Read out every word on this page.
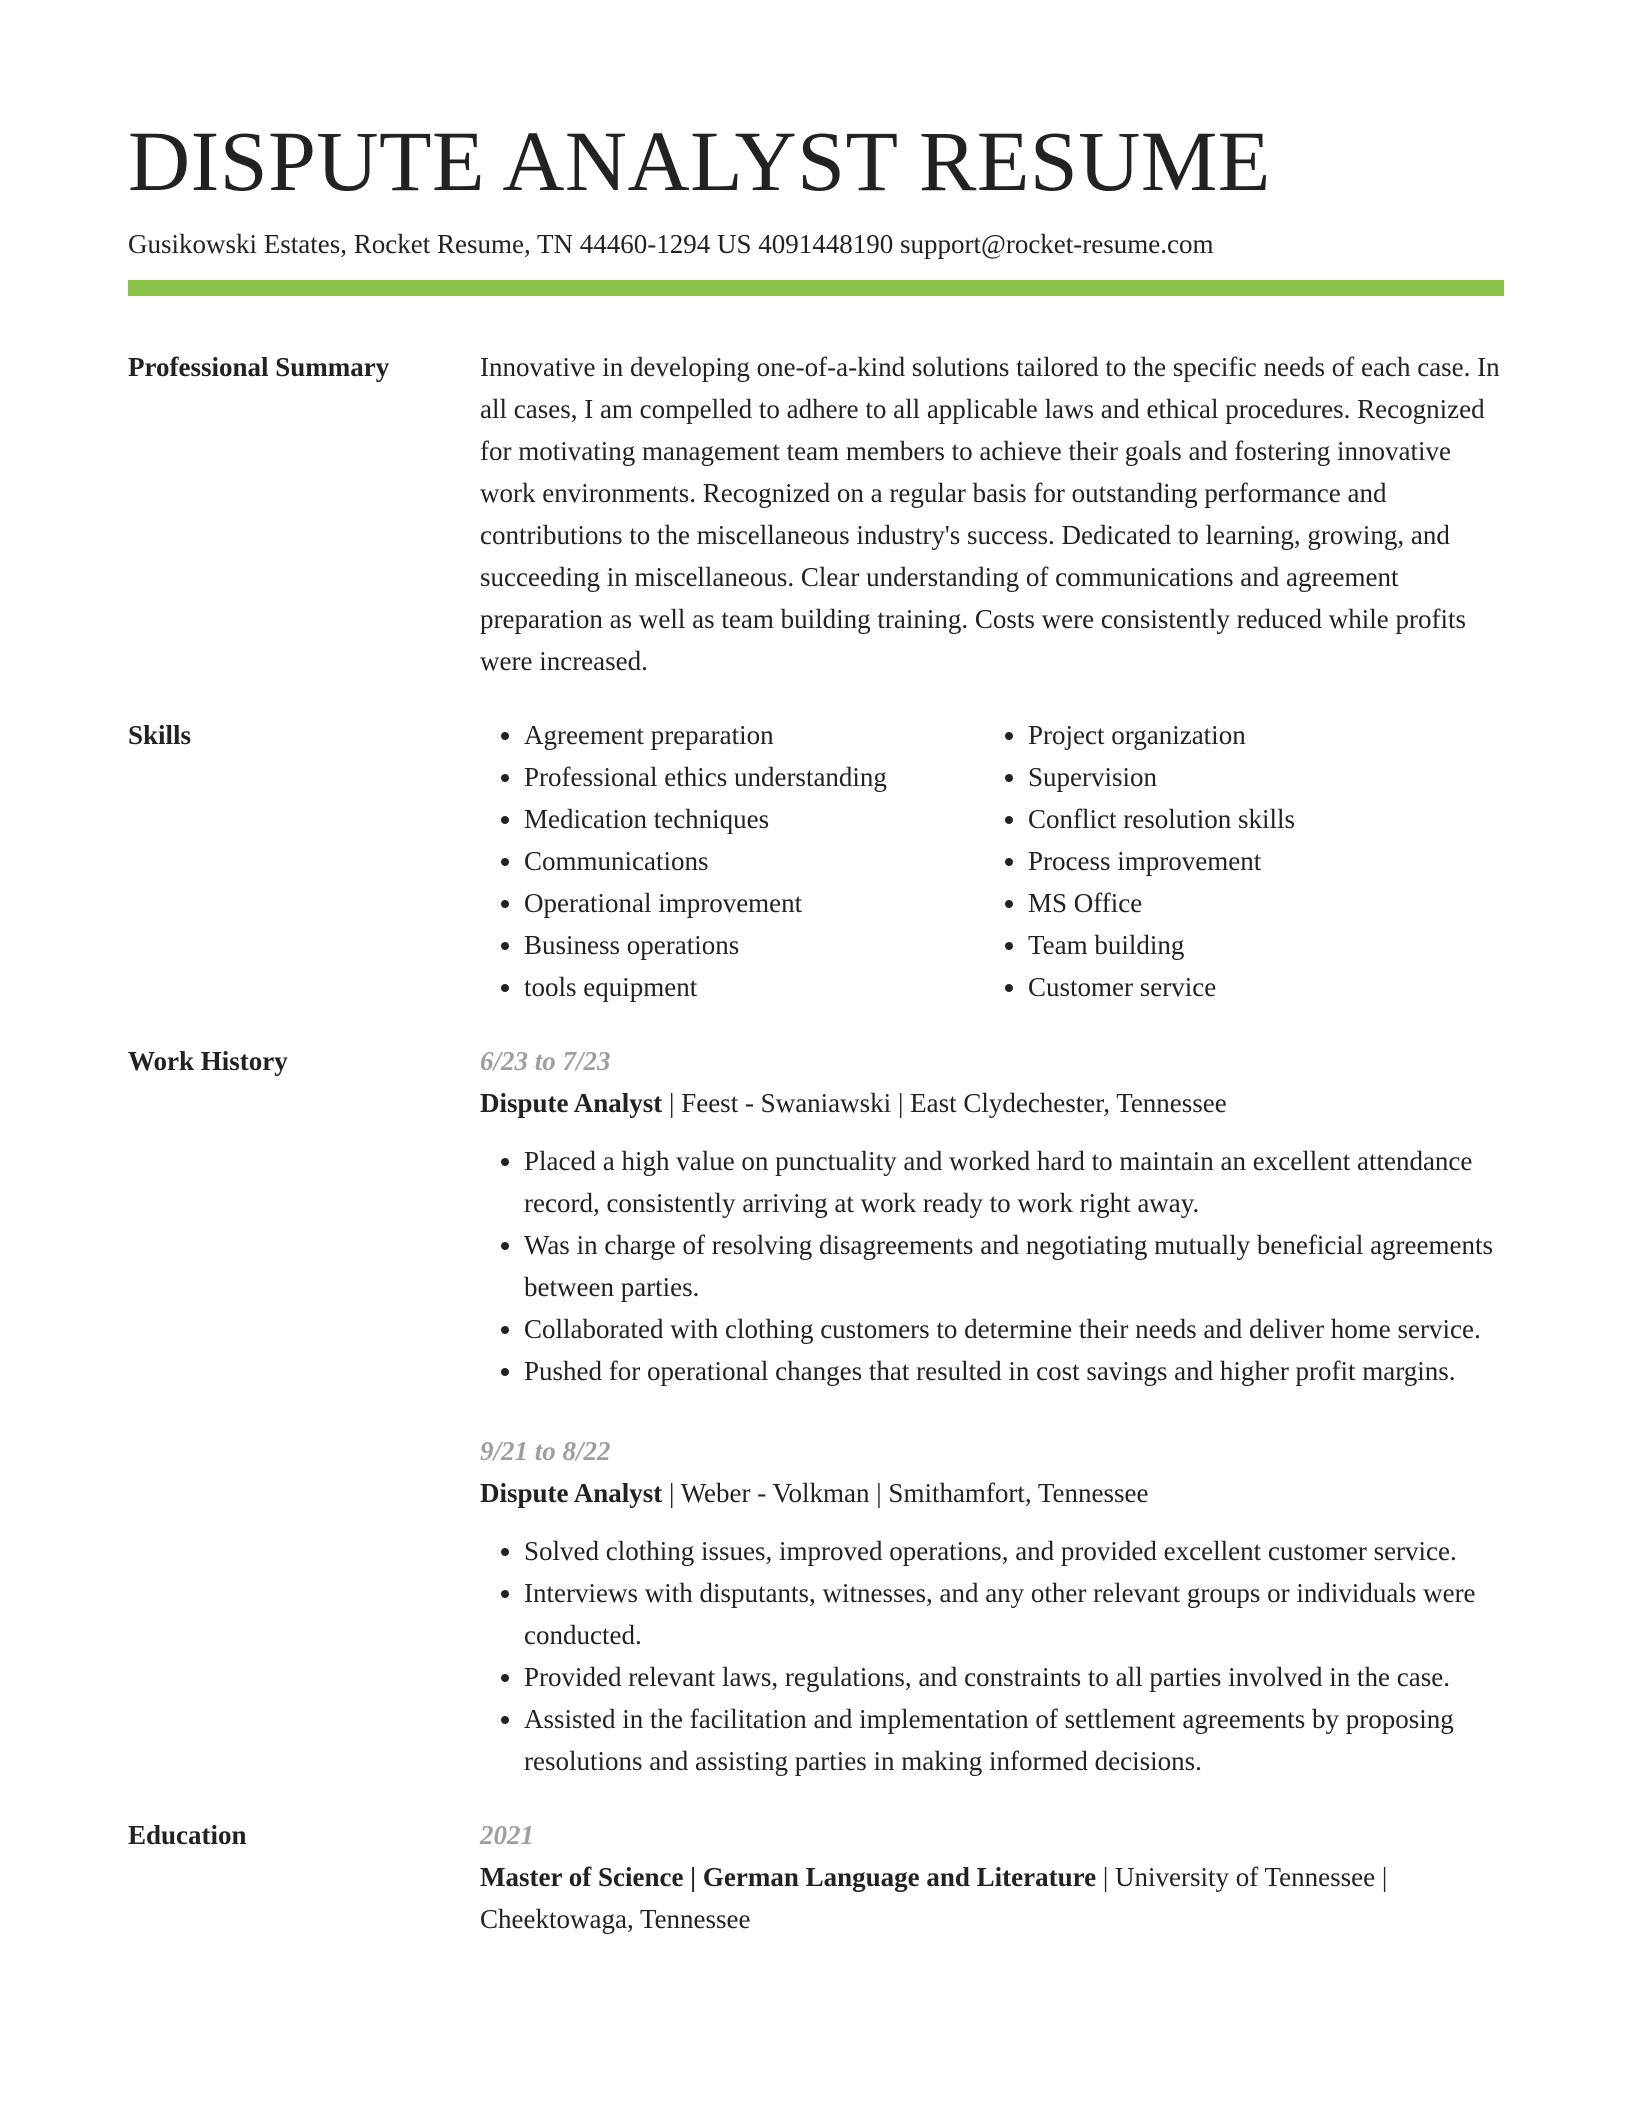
DISPUTE ANALYST RESUME
Gusikowski Estates, Rocket Resume, TN 44460-1294 US 4091448190 support@rocket-resume.com
Professional Summary	Innovative in developing one-of-a-kind solutions tailored to the specific needs of each case. In all cases, I am compelled to adhere to all applicable laws and ethical procedures. Recognized for motivating management team members to achieve their goals and fostering innovative work environments. Recognized on a regular basis for outstanding performance and contributions to the miscellaneous industry's success. Dedicated to learning, growing, and succeeding in miscellaneous. Clear understanding of communications and agreement preparation as well as team building training. Costs were consistently reduced while profits were increased.

Skills
•	Agreement preparation
• Professional ethics understanding
• Medication techniques
• Communications
• Operational improvement
• Business operations
• tools equipment
• Project organization
• Supervision
• Conflict resolution skills
• Process improvement
• MS Office
• Team building
• Customer service
Work History	6/23 to 7/23

Dispute Analyst | Feest - Swaniawski | East Clydechester, Tennessee

• Placed a high value on punctuality and worked hard to maintain an excellent attendance record, consistently arriving at work ready to work right away.
• Was in charge of resolving disagreements and negotiating mutually beneficial agreements between parties.
• Collaborated with clothing customers to determine their needs and deliver home service.
• Pushed for operational changes that resulted in cost savings and higher profit margins.
9/21 to 8/22

Dispute Analyst | Weber - Volkman | Smithamfort, Tennessee

• Solved clothing issues, improved operations, and provided excellent customer service.
• Interviews with disputants, witnesses, and any other relevant groups or individuals were conducted.
• Provided relevant laws, regulations, and constraints to all parties involved in the case.
• Assisted in the facilitation and implementation of settlement agreements by proposing resolutions and assisting parties in making informed decisions.
Education	2021

Master of Science | German Language and Literature | University of Tennessee | Cheektowaga, Tennessee
